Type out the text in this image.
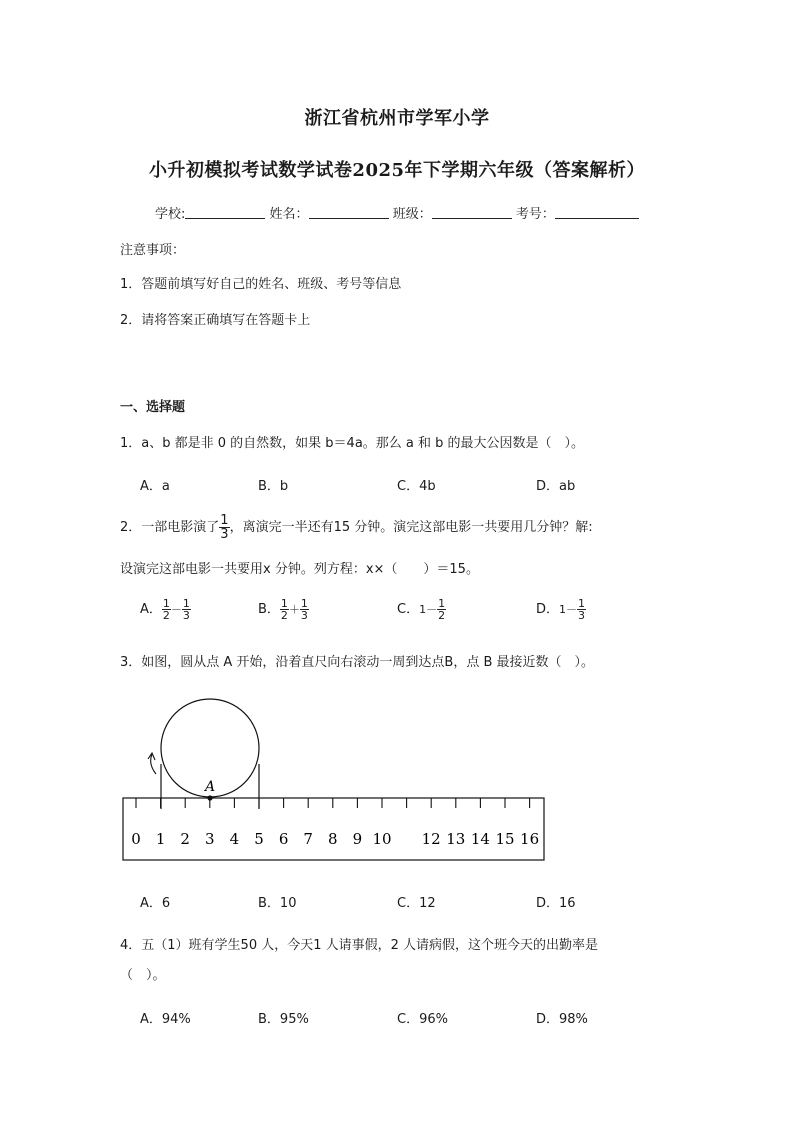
浙江省杭州市学军小学
小升初模拟考试数学试卷2025年下学期六年级（答案解析）
学校:	姓名：	班级：	考号：
注意事项：
1．答题前填写好自己的姓名、班级、考号等信息
2．请将答案正确填写在答题卡上
一、选择题
1．a、b 都是非 0 的自然数，如果 b＝4a。那么 a 和 b 的最大公因数是（　）。
A．a	B．b	C．4b	D．ab
2．一部电影演了 $\frac{1}{3}$ ，离演完一半还有15 分钟。演完这部电影一共要用几分钟？解:
设演完这部电影一共要用x 分钟。列方程：x×（　　）＝15。
A． $\frac{1}{2} - \frac{1}{3}$	B． $\frac{1}{2} + \frac{1}{3}$	C．$1- \frac{1}{2}$	D．$1- \frac{1}{3}$
3．如图，圆从点 A 开始，沿着直尺向右滚动一周到达点B，点 B 最接近数（　）。
A
0 1 2 3 4 5 6 7 8 9 10 12 13 14 15 16
A．6	B．10	C．12	D．16
4．五（1）班有学生50 人，今天1 人请事假，2 人请病假，这个班今天的出勤率是
（　）。
A．94%	B．95%	C．96%	D．98%
